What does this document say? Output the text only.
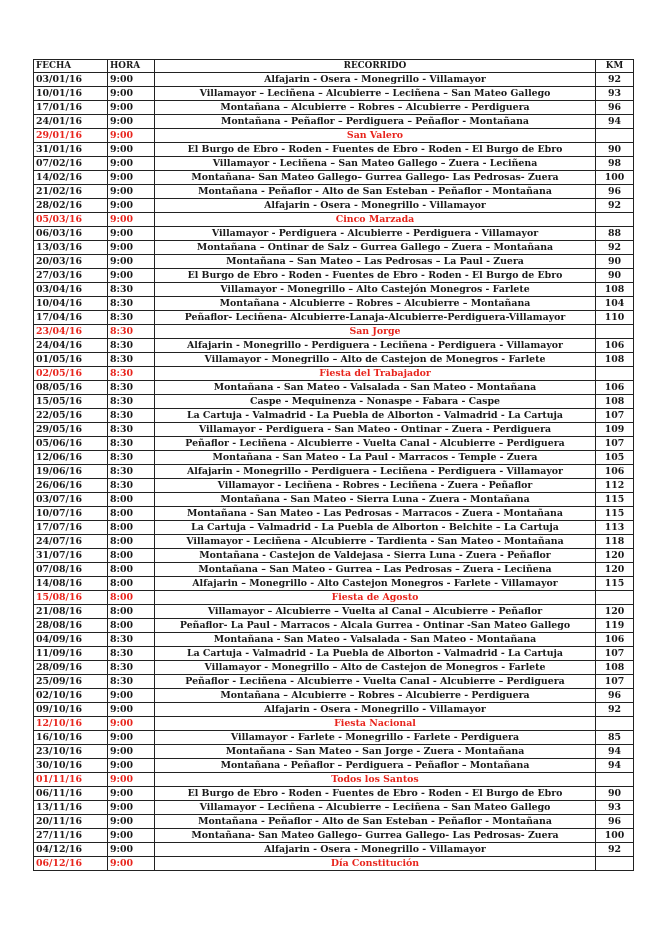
FECHA	HORA	RECORRIDO	KM
03/01/16	9:00	Alfajarin - Osera - Monegrillo - Villamayor	92
10/01/16	9:00	Villamayor – Leciñena – Alcubierre – Leciñena – San Mateo Gallego	93
17/01/16	9:00	Montañana – Alcubierre – Robres – Alcubierre - Perdiguera	96
24/01/16	9:00	Montañana - Peñaflor – Perdiguera – Peñaflor - Montañana	94
29/01/16	9:00	San Valero	
31/01/16	9:00	El Burgo de Ebro - Roden - Fuentes de Ebro - Roden - El Burgo de Ebro	90
07/02/16	9:00	Villamayor - Leciñena – San Mateo Gallego – Zuera - Leciñena	98
14/02/16	9:00	Montañana- San Mateo Gallego– Gurrea Gallego- Las Pedrosas- Zuera	100
21/02/16	9:00	Montañana - Peñaflor - Alto de San Esteban - Peñaflor - Montañana	96
28/02/16	9:00	Alfajarin - Osera - Monegrillo - Villamayor	92
05/03/16	9:00	Cinco Marzada	
06/03/16	9:00	Villamayor - Perdiguera - Alcubierre - Perdiguera - Villamayor	88
13/03/16	9:00	Montañana – Ontinar de Salz – Gurrea Gallego – Zuera – Montañana	92
20/03/16	9:00	Montañana – San Mateo – Las Pedrosas – La Paul - Zuera	90
27/03/16	9:00	El Burgo de Ebro - Roden - Fuentes de Ebro - Roden - El Burgo de Ebro	90
03/04/16	8:30	Villamayor - Monegrillo – Alto Castejón Monegros - Farlete	108
10/04/16	8:30	Montañana - Alcubierre – Robres – Alcubierre – Montañana	104
17/04/16	8:30	Peñaflor- Leciñena- Alcubierre-Lanaja-Alcubierre-Perdiguera-Villamayor	110
23/04/16	8:30	San Jorge	
24/04/16	8:30	Alfajarin - Monegrillo - Perdiguera - Leciñena - Perdiguera - Villamayor	106
01/05/16	8:30	Villamayor - Monegrillo – Alto de Castejon de Monegros - Farlete	108
02/05/16	8:30	Fiesta del Trabajador	
08/05/16	8:30	Montañana - San Mateo - Valsalada - San Mateo - Montañana	106
15/05/16	8:30	Caspe - Mequinenza - Nonaspe - Fabara - Caspe	108
22/05/16	8:30	La Cartuja - Valmadrid - La Puebla de Alborton - Valmadrid - La Cartuja	107
29/05/16	8:30	Villamayor - Perdiguera - San Mateo - Ontinar - Zuera - Perdiguera	109
05/06/16	8:30	Peñaflor - Leciñena - Alcubierre - Vuelta Canal - Alcubierre – Perdiguera	107
12/06/16	8:30	Montañana - San Mateo - La Paul - Marracos - Temple - Zuera	105
19/06/16	8:30	Alfajarin - Monegrillo - Perdiguera - Leciñena - Perdiguera - Villamayor	106
26/06/16	8:30	Villamayor - Leciñena - Robres - Leciñena - Zuera - Peñaflor	112
03/07/16	8:00	Montañana - San Mateo - Sierra Luna - Zuera - Montañana	115
10/07/16	8:00	Montañana - San Mateo - Las Pedrosas - Marracos - Zuera - Montañana	115
17/07/16	8:00	La Cartuja – Valmadrid - La Puebla de Alborton - Belchite – La Cartuja	113
24/07/16	8:00	Villamayor - Leciñena - Alcubierre - Tardienta - San Mateo - Montañana	118
31/07/16	8:00	Montañana - Castejon de Valdejasa - Sierra Luna - Zuera - Peñaflor	120
07/08/16	8:00	Montañana – San Mateo - Gurrea – Las Pedrosas – Zuera - Leciñena	120
14/08/16	8:00	Alfajarin – Monegrillo - Alto Castejon Monegros - Farlete - Villamayor	115
15/08/16	8:00	Fiesta de Agosto	
21/08/16	8:00	Villamayor – Alcubierre – Vuelta al Canal – Alcubierre - Peñaflor	120
28/08/16	8:00	Peñaflor- La Paul - Marracos - Alcala Gurrea - Ontinar -San Mateo Gallego	119
04/09/16	8:30	Montañana - San Mateo - Valsalada - San Mateo - Montañana	106
11/09/16	8:30	La Cartuja - Valmadrid - La Puebla de Alborton - Valmadrid - La Cartuja	107
28/09/16	8:30	Villamayor - Monegrillo – Alto de Castejon de Monegros - Farlete	108
25/09/16	8:30	Peñaflor - Leciñena - Alcubierre - Vuelta Canal - Alcubierre – Perdiguera	107
02/10/16	9:00	Montañana – Alcubierre – Robres – Alcubierre - Perdiguera	96
09/10/16	9:00	Alfajarin - Osera - Monegrillo - Villamayor	92
12/10/16	9:00	Fiesta Nacional	
16/10/16	9:00	Villamayor - Farlete - Monegrillo - Farlete - Perdiguera	85
23/10/16	9:00	Montañana - San Mateo - San Jorge - Zuera - Montañana	94
30/10/16	9:00	Montañana - Peñaflor – Perdiguera – Peñaflor – Montañana	94
01/11/16	9:00	Todos los Santos	
06/11/16	9:00	El Burgo de Ebro - Roden - Fuentes de Ebro - Roden - El Burgo de Ebro	90
13/11/16	9:00	Villamayor – Leciñena – Alcubierre – Leciñena – San Mateo Gallego	93
20/11/16	9:00	Montañana - Peñaflor - Alto de San Esteban - Peñaflor - Montañana	96
27/11/16	9:00	Montañana- San Mateo Gallego– Gurrea Gallego- Las Pedrosas- Zuera	100
04/12/16	9:00	Alfajarin - Osera - Monegrillo - Villamayor	92
06/12/16	9:00	Día Constitución	
